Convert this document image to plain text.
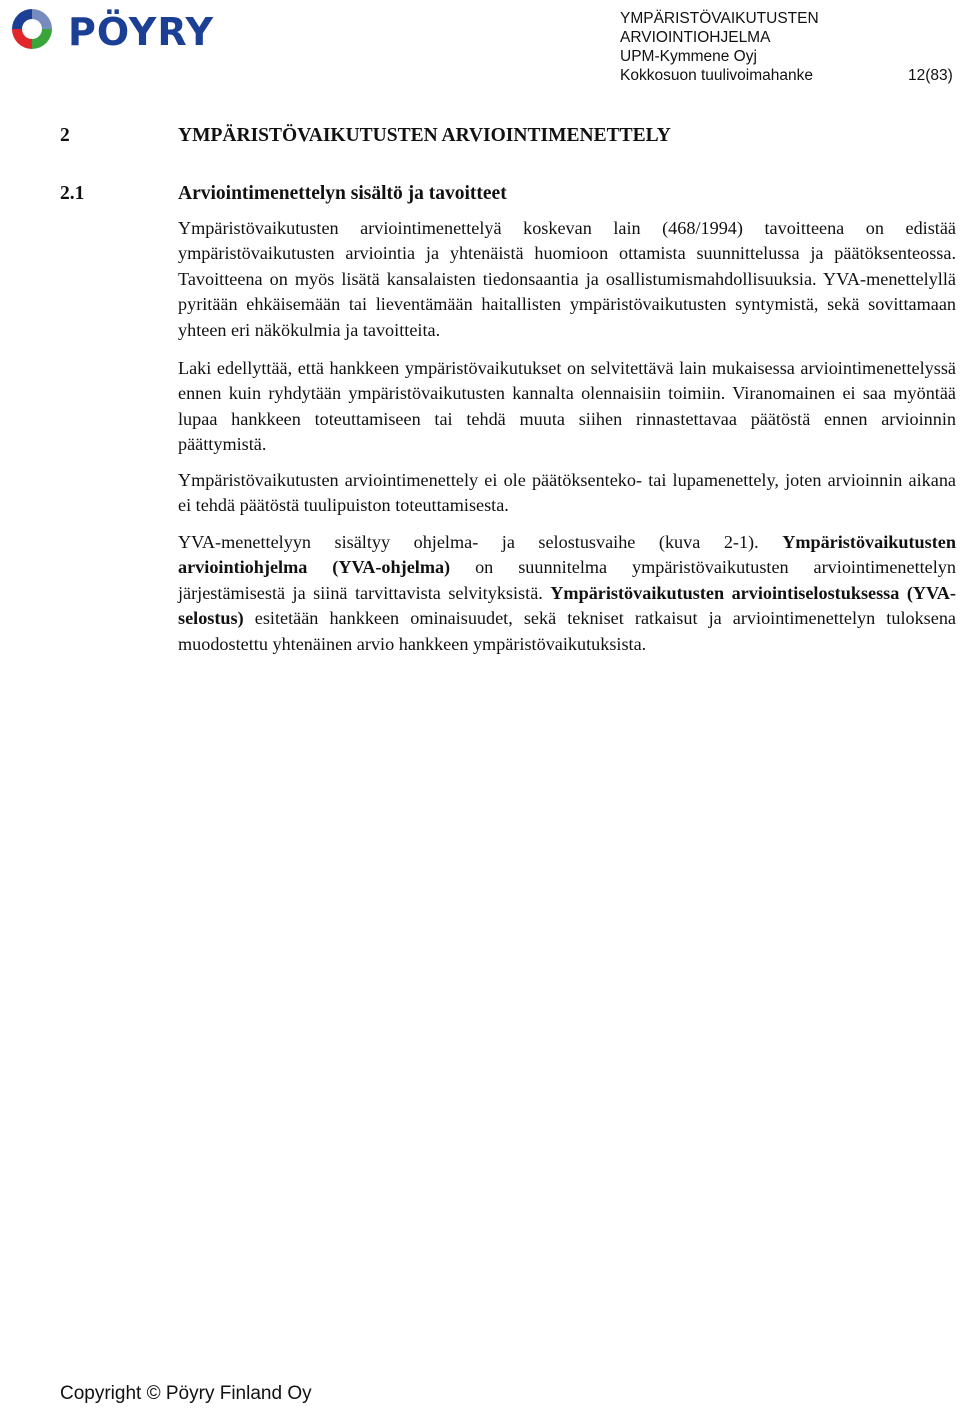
PÖYRY	YMPÄRISTÖVAIKUTUSTEN
ARVIOINTIOHJELMA
UPM-Kymmene Oyj
Kokkosuon tuulivoimahanke	12(83)
2	YMPÄRISTÖVAIKUTUSTEN ARVIOINTIMENETTELY
2.1	Arviointimenettelyn sisältö ja tavoitteet

Ympäristövaikutusten arviointimenettelyä koskevan lain (468/1994) tavoitteena on edistää ympäristövaikutusten arviointia ja yhtenäistä huomioon ottamista suunnittelussa ja päätöksenteossa. Tavoitteena on myös lisätä kansalaisten tiedonsaantia ja osallistumismahdollisuuksia. YVA-menettelyllä pyritään ehkäisemään tai lieventämään haitallisten ympäristövaikutusten syntymistä, sekä sovittamaan yhteen eri näkökulmia ja tavoitteita.

Laki edellyttää, että hankkeen ympäristövaikutukset on selvitettävä lain mukaisessa arviointimenettelyssä ennen kuin ryhdytään ympäristövaikutusten kannalta olennaisiin toimiin. Viranomainen ei saa myöntää lupaa hankkeen toteuttamiseen tai tehdä muuta siihen rinnastettavaa päätöstä ennen arvioinnin päättymistä.

Ympäristövaikutusten arviointimenettely ei ole päätöksenteko- tai lupamenettely, joten arvioinnin aikana ei tehdä päätöstä tuulipuiston toteuttamisesta.

YVA-menettelyyn sisältyy ohjelma- ja selostusvaihe (kuva 2-1). Ympäristövaikutusten arviointiohjelma (YVA-ohjelma) on suunnitelma ympäristövaikutusten arviointimenettelyn järjestämisestä ja siinä tarvittavista selvityksistä. Ympäristövaikutusten arviointiselostuksessa (YVA-selostus) esitetään hankkeen ominaisuudet, sekä tekniset ratkaisut ja arviointimenettelyn tuloksena muodostettu yhtenäinen arvio hankkeen ympäristövaikutuksista.

Copyright © Pöyry Finland Oy
